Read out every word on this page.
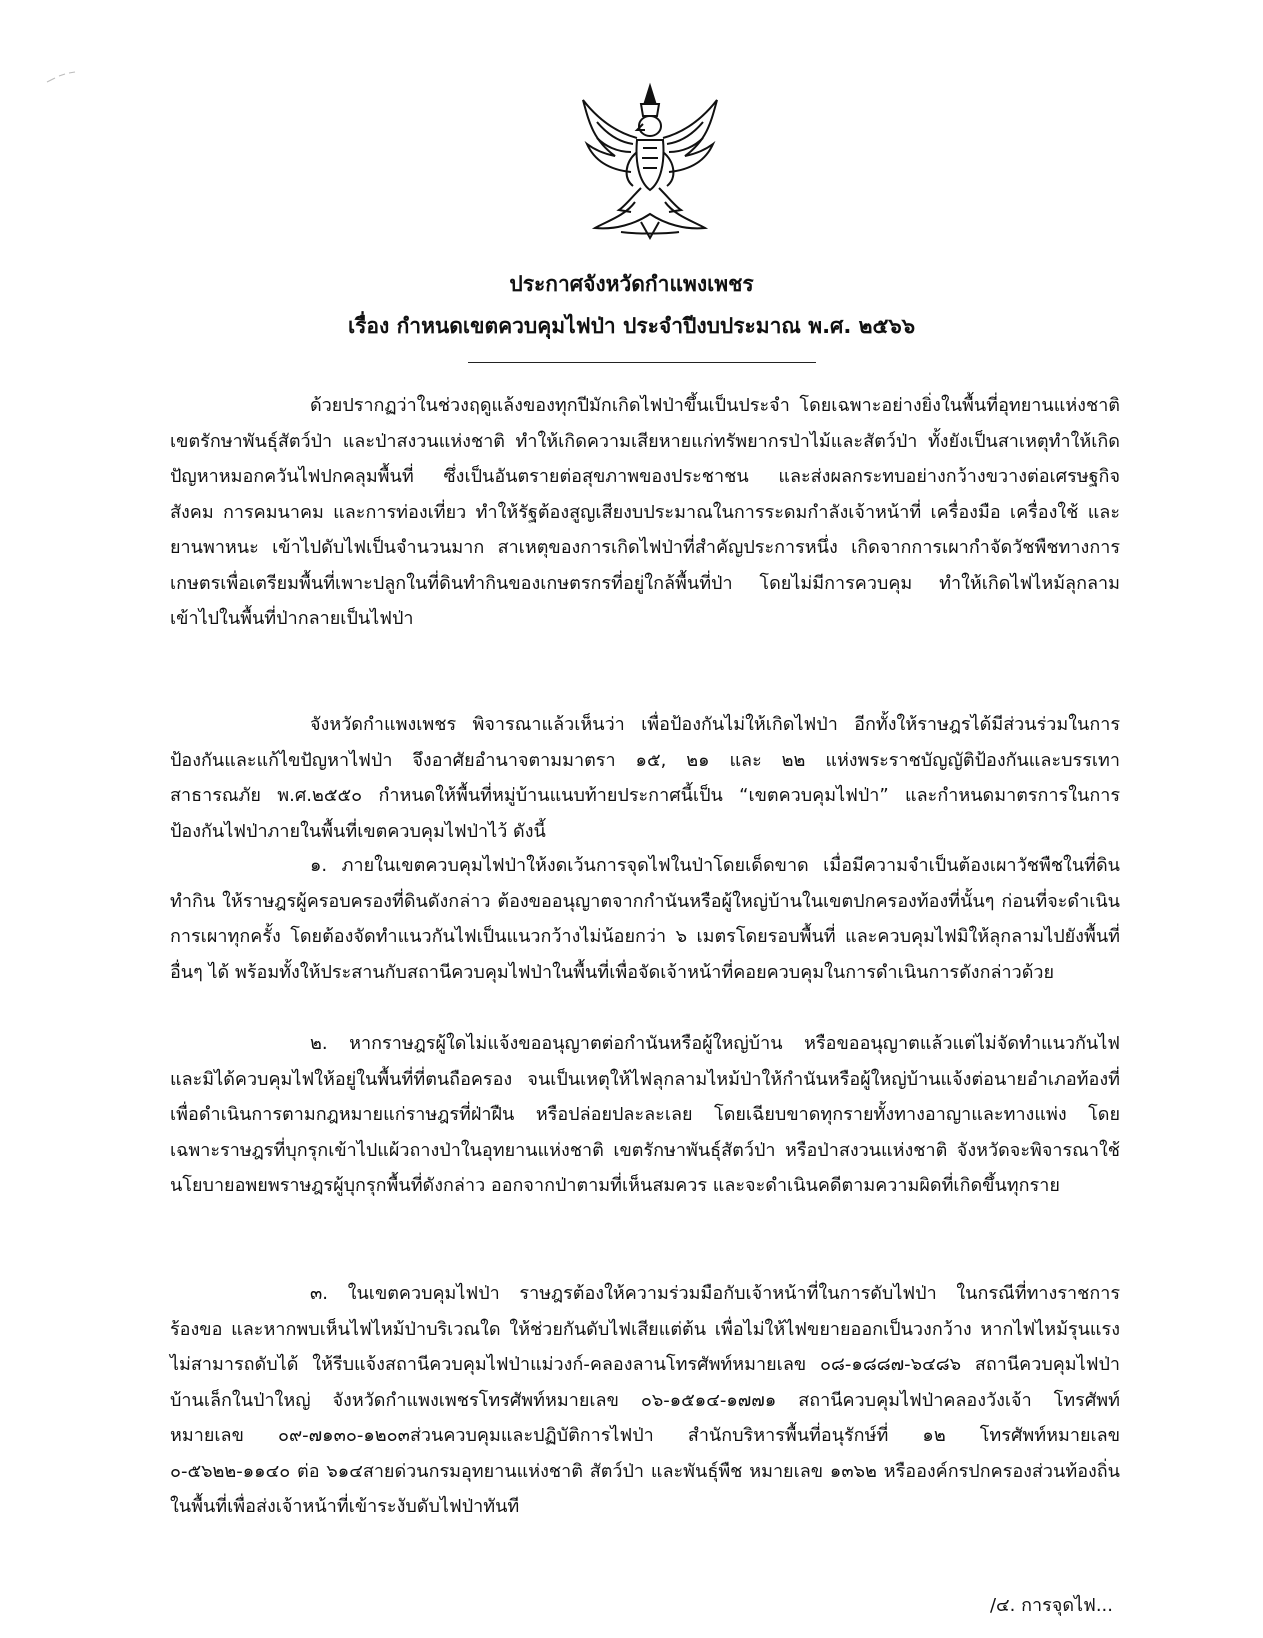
ประกาศจังหวัดกำแพงเพชร
เรื่อง กำหนดเขตควบคุมไฟป่า ประจำปีงบประมาณ พ.ศ. ๒๕๖๖

ด้วยปรากฏว่าในช่วงฤดูแล้งของทุกปีมักเกิดไฟป่าขึ้นเป็นประจำ โดยเฉพาะอย่างยิ่งในพื้นที่อุทยานแห่งชาติ เขตรักษาพันธุ์สัตว์ป่า และป่าสงวนแห่งชาติ ทำให้เกิดความเสียหายแก่ทรัพยากรป่าไม้และสัตว์ป่า ทั้งยังเป็นสาเหตุทำให้เกิดปัญหาหมอกควันไฟปกคลุมพื้นที่ ซึ่งเป็นอันตรายต่อสุขภาพของประชาชน และส่งผลกระทบอย่างกว้างขวางต่อเศรษฐกิจ สังคม การคมนาคม และการท่องเที่ยว ทำให้รัฐต้องสูญเสียงบประมาณในการระดมกำลังเจ้าหน้าที่ เครื่องมือ เครื่องใช้ และยานพาหนะ เข้าไปดับไฟเป็นจำนวนมาก สาเหตุของการเกิดไฟป่าที่สำคัญประการหนึ่ง เกิดจากการเผากำจัดวัชพืชทางการเกษตรเพื่อเตรียมพื้นที่เพาะปลูกในที่ดินทำกินของเกษตรกรที่อยู่ใกล้พื้นที่ป่า โดยไม่มีการควบคุม ทำให้เกิดไฟไหม้ลุกลามเข้าไปในพื้นที่ป่ากลายเป็นไฟป่า

จังหวัดกำแพงเพชร พิจารณาแล้วเห็นว่า เพื่อป้องกันไม่ให้เกิดไฟป่า อีกทั้งให้ราษฎรได้มีส่วนร่วมในการป้องกันและแก้ไขปัญหาไฟป่า จึงอาศัยอำนาจตามมาตรา ๑๕, ๒๑ และ ๒๒ แห่งพระราชบัญญัติป้องกันและบรรเทาสาธารณภัย พ.ศ.๒๕๕๐ กำหนดให้พื้นที่หมู่บ้านแนบท้ายประกาศนี้เป็น “เขตควบคุมไฟป่า” และกำหนดมาตรการในการป้องกันไฟป่าภายในพื้นที่เขตควบคุมไฟป่าไว้ ดังนี้

๑. ภายในเขตควบคุมไฟป่าให้งดเว้นการจุดไฟในป่าโดยเด็ดขาด เมื่อมีความจำเป็นต้องเผาวัชพืชในที่ดินทำกิน ให้ราษฎรผู้ครอบครองที่ดินดังกล่าว ต้องขออนุญาตจากกำนันหรือผู้ใหญ่บ้านในเขตปกครองท้องที่นั้นๆ ก่อนที่จะดำเนินการเผาทุกครั้ง โดยต้องจัดทำแนวกันไฟเป็นแนวกว้างไม่น้อยกว่า ๖ เมตรโดยรอบพื้นที่ และควบคุมไฟมิให้ลุกลามไปยังพื้นที่อื่นๆ ได้ พร้อมทั้งให้ประสานกับสถานีควบคุมไฟป่าในพื้นที่เพื่อจัดเจ้าหน้าที่คอยควบคุมในการดำเนินการดังกล่าวด้วย

๒. หากราษฎรผู้ใดไม่แจ้งขออนุญาตต่อกำนันหรือผู้ใหญ่บ้าน หรือขออนุญาตแล้วแต่ไม่จัดทำแนวกันไฟ และมิได้ควบคุมไฟให้อยู่ในพื้นที่ที่ตนถือครอง จนเป็นเหตุให้ไฟลุกลามไหม้ป่าให้กำนันหรือผู้ใหญ่บ้านแจ้งต่อนายอำเภอท้องที่ เพื่อดำเนินการตามกฎหมายแก่ราษฎรที่ฝ่าฝืน หรือปล่อยปละละเลย โดยเฉียบขาดทุกรายทั้งทางอาญาและทางแพ่ง โดยเฉพาะราษฎรที่บุกรุกเข้าไปแผ้วถางป่าในอุทยานแห่งชาติ เขตรักษาพันธุ์สัตว์ป่า หรือป่าสงวนแห่งชาติ จังหวัดจะพิจารณาใช้นโยบายอพยพราษฎรผู้บุกรุกพื้นที่ดังกล่าว ออกจากป่าตามที่เห็นสมควร และจะดำเนินคดีตามความผิดที่เกิดขึ้นทุกราย

๓. ในเขตควบคุมไฟป่า ราษฎรต้องให้ความร่วมมือกับเจ้าหน้าที่ในการดับไฟป่า ในกรณีที่ทางราชการร้องขอ และหากพบเห็นไฟไหม้ป่าบริเวณใด ให้ช่วยกันดับไฟเสียแต่ต้น เพื่อไม่ให้ไฟขยายออกเป็นวงกว้าง หากไฟไหม้รุนแรงไม่สามารถดับได้ ให้รีบแจ้งสถานีควบคุมไฟป่าแม่วงก์-คลองลานโทรศัพท์หมายเลข ๐๘-๑๘๘๗-๖๔๘๖ สถานีควบคุมไฟป่าบ้านเล็กในป่าใหญ่ จังหวัดกำแพงเพชรโทรศัพท์หมายเลข ๐๖-๑๕๑๔-๑๗๗๑ สถานีควบคุมไฟป่าคลองวังเจ้า โทรศัพท์หมายเลข ๐๙-๗๑๓๐-๑๒๐๓ส่วนควบคุมและปฏิบัติการไฟป่า สำนักบริหารพื้นที่อนุรักษ์ที่ ๑๒ โทรศัพท์หมายเลข ๐-๕๖๒๒-๑๑๔๐ ต่อ ๖๑๔สายด่วนกรมอุทยานแห่งชาติ สัตว์ป่า และพันธุ์พืช หมายเลข ๑๓๖๒ หรือองค์กรปกครองส่วนท้องถิ่นในพื้นที่เพื่อส่งเจ้าหน้าที่เข้าระงับดับไฟป่าทันที

/๔. การจุดไฟ...
